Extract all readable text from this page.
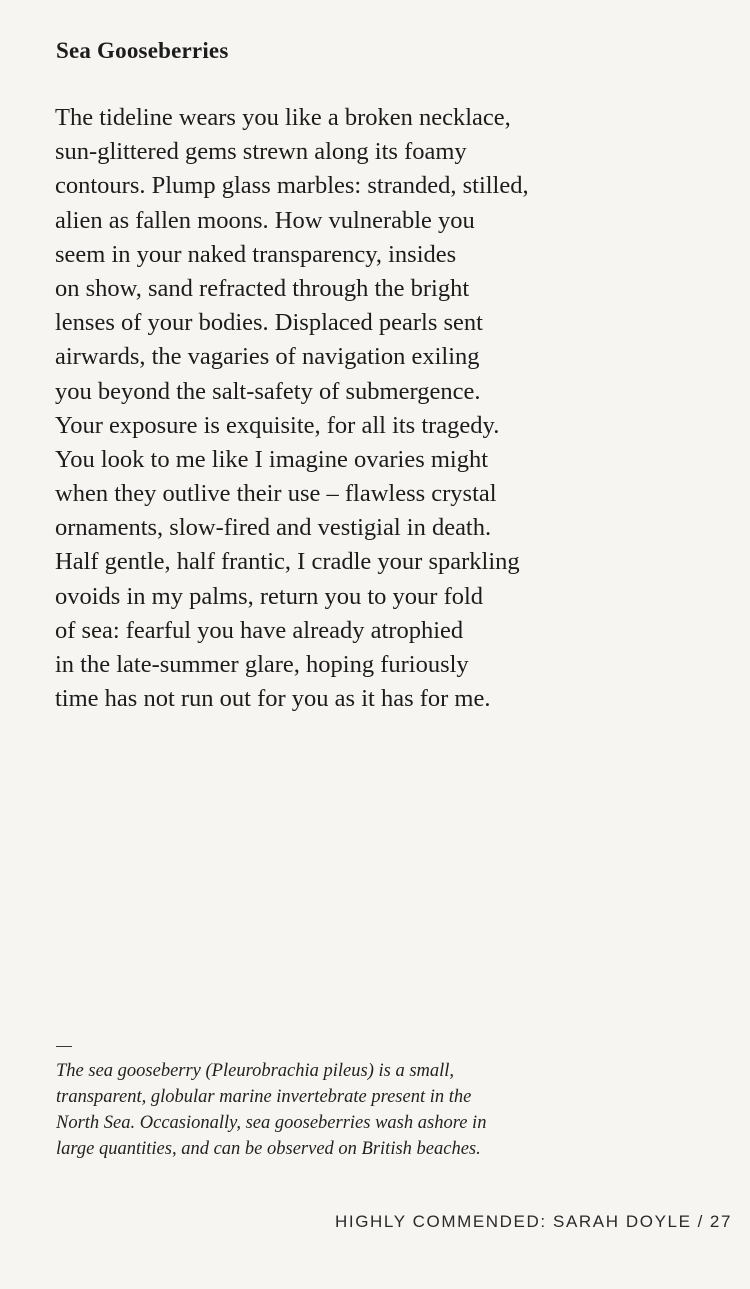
Sea Gooseberries
The tideline wears you like a broken necklace,
sun-glittered gems strewn along its foamy
contours. Plump glass marbles: stranded, stilled,
alien as fallen moons. How vulnerable you
seem in your naked transparency, insides
on show, sand refracted through the bright
lenses of your bodies. Displaced pearls sent
airwards, the vagaries of navigation exiling
you beyond the salt-safety of submergence.
Your exposure is exquisite, for all its tragedy.
You look to me like I imagine ovaries might
when they outlive their use – flawless crystal
ornaments, slow-fired and vestigial in death.
Half gentle, half frantic, I cradle your sparkling
ovoids in my palms, return you to your fold
of sea: fearful you have already atrophied
in the late-summer glare, hoping furiously
time has not run out for you as it has for me.
The sea gooseberry (Pleurobrachia pileus) is a small,
transparent, globular marine invertebrate present in the
North Sea. Occasionally, sea gooseberries wash ashore in
large quantities, and can be observed on British beaches.
HIGHLY COMMENDED: SARAH DOYLE / 27
